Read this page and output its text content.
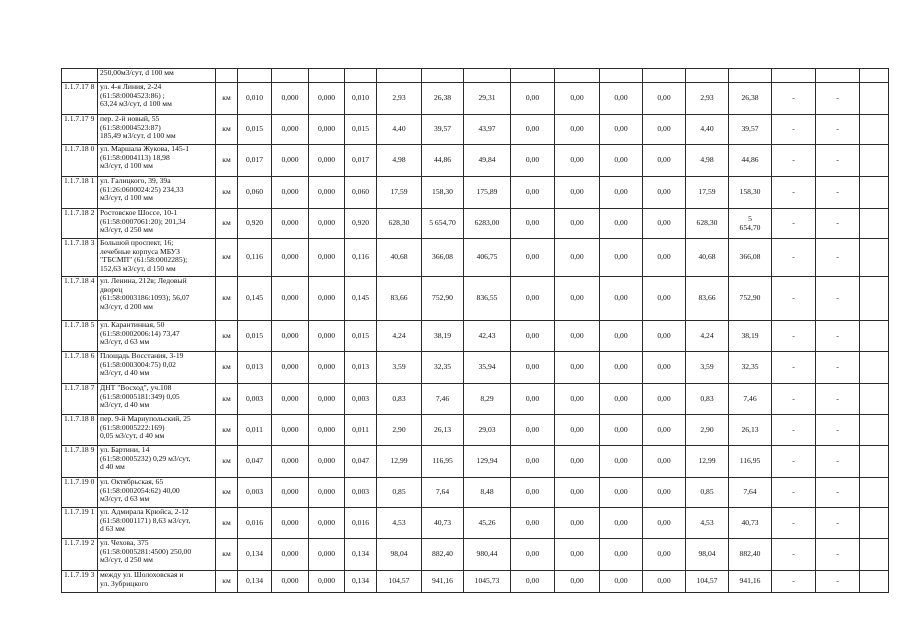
	250,00м3/сут, d 100 мм																	
1.1.7.17 8	ул. 4-я Линия, 2-24
(61:58:0004523:86) ;
63,24 м3/сут, d 100 мм	км	0,010	0,000	0,000	0,010	2,93	26,38	29,31	0,00	0,00	0,00	0,00	2,93	26,38	-	-	
1.1.7.17 9	пер. 2-й новый, 55
(61:58:0004523:87)
185,49 м3/сут, d 100 мм	км	0,015	0,000	0,000	0,015	4,40	39,57	43,97	0,00	0,00	0,00	0,00	4,40	39,57	-	-	
1.1.7.18 0	ул. Маршала Жукова, 145-1
(61:58:0004113) 18,98
м3/сут, d 100 мм	км	0,017	0,000	0,000	0,017	4,98	44,86	49,84	0,00	0,00	0,00	0,00	4,98	44,86	-	-	
1.1.7.18 1	ул. Галицкого, 39, 39а
(61:26:0600024:25) 234,33
м3/сут, d 100 мм	км	0,060	0,000	0,000	0,060	17,59	158,30	175,89	0,00	0,00	0,00	0,00	17,59	158,30	-	-	
1.1.7.18 2	Ростовское Шоссе, 10-1
(61:58:0007061:20); 201,34
м3/сут, d 250 мм	км	0,920	0,000	0,000	0,920	628,30	5 654,70	6283,00	0,00	0,00	0,00	0,00	628,30	5
654,70	-	-	
1.1.7.18 3	Большой проспект, 16;
лечебные корпуса МБУЗ
"ГБСМП" (61:58:0002285);
152,63 м3/сут, d 150 мм	км	0,116	0,000	0,000	0,116	40,68	366,08	406,75	0,00	0,00	0,00	0,00	40,68	366,08	-	-	
1.1.7.18 4	ул. Ленина, 212в; Ледовый
дворец
(61:58:0003186:1093); 56,07
м3/сут, d 200 мм	км	0,145	0,000	0,000	0,145	83,66	752,90	836,55	0,00	0,00	0,00	0,00	83,66	752,90	-	-	
1.1.7.18 5	ул. Карантинная, 50
(61:58:0002006:14) 73,47
м3/сут, d 63 мм	км	0,015	0,000	0,000	0,015	4,24	38,19	42,43	0,00	0,00	0,00	0,00	4,24	38,19	-	-	
1.1.7.18 6	Площадь Восстания, 3-19
(61:58:0003004:75) 0,02
м3/сут, d 40 мм	км	0,013	0,000	0,000	0,013	3,59	32,35	35,94	0,00	0,00	0,00	0,00	3,59	32,35	-	-	
1.1.7.18 7	ДНТ "Восход", уч.108
(61:58:0005181:349) 0,05
м3/сут, d 40 мм	км	0,003	0,000	0,000	0,003	0,83	7,46	8,29	0,00	0,00	0,00	0,00	0,83	7,46	-	-	
1.1.7.18 8	пер. 9-й Мариупольский, 25
(61:58:0005222:169)
0,05 м3/сут, d 40 мм	км	0,011	0,000	0,000	0,011	2,90	26,13	29,03	0,00	0,00	0,00	0,00	2,90	26,13	-	-	
1.1.7.18 9	ул. Бартини, 14
(61:58:0005232) 0,29 м3/сут,
d 40 мм	км	0,047	0,000	0,000	0,047	12,99	116,95	129,94	0,00	0,00	0,00	0,00	12,99	116,95	-	-	
1.1.7.19 0	ул. Октябрьская, 65
(61:58:0002054:62) 40,00
м3/сут, d 63 мм	км	0,003	0,000	0,000	0,003	0,85	7,64	8,48	0,00	0,00	0,00	0,00	0,85	7,64	-	-	
1.1.7.19 1	ул. Адмирала Крюйса, 2-12
(61:58:0001171) 8,63 м3/сут,
d 63 мм	км	0,016	0,000	0,000	0,016	4,53	40,73	45,26	0,00	0,00	0,00	0,00	4,53	40,73	-	-	
1.1.7.19 2	ул. Чехова, 375
(61:58:0005281:4500) 250,00
м3/сут, d 250 мм	км	0,134	0,000	0,000	0,134	98,04	882,40	980,44	0,00	0,00	0,00	0,00	98,04	882,40	-	-	
1.1.7.19 3	между ул. Шолоховская и
ул. Зубрицкого	км	0,134	0,000	0,000	0,134	104,57	941,16	1045,73	0,00	0,00	0,00	0,00	104,57	941,16	-	-	
